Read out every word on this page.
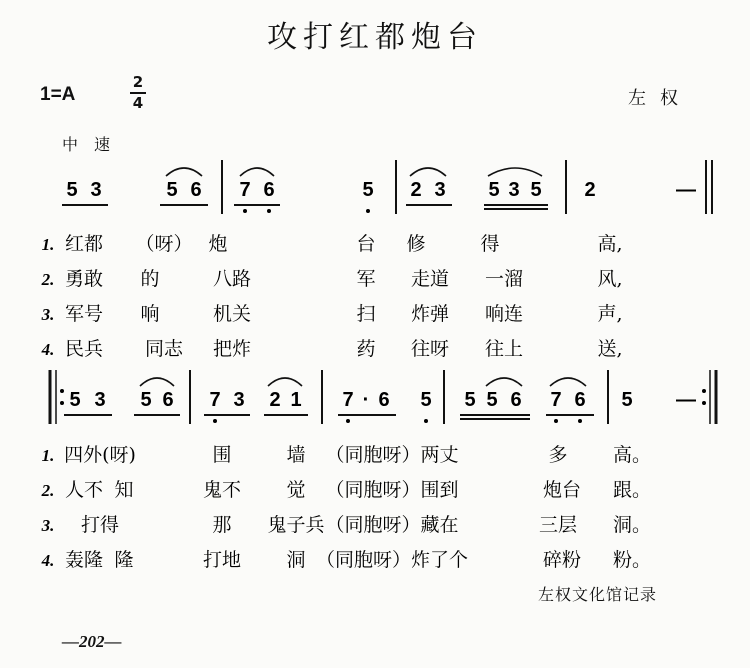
攻打红都炮台
1=A
2
4	左权
中速
5 3	5 6 7 6	5 2 3 5 3 5 2	—
5 3 5 6 7 3 2 1 7 · 6 5 5 5 6 7 6 5 —
1. 红都 （呀） 炮	台 修	得	高,
2. 勇敢 的	八路	军 走道 一溜	风,
3. 军号 响	机关	扫 炸弹 响连	声,
4. 民兵 同志 把炸	药 往呀 往上	送,
1. 四外(呀)	围	墙 （同胞呀）两丈	多 高。
2. 人不 知	鬼不 觉 （同胞呀）围到	炮台 跟。
3. 打得	那 鬼子兵 （同胞呀）藏在	三层 洞。
4. 轰隆 隆	打地 洞 （同胞呀）炸了个	碎粉 粉。
左权文化馆记录
—202—
